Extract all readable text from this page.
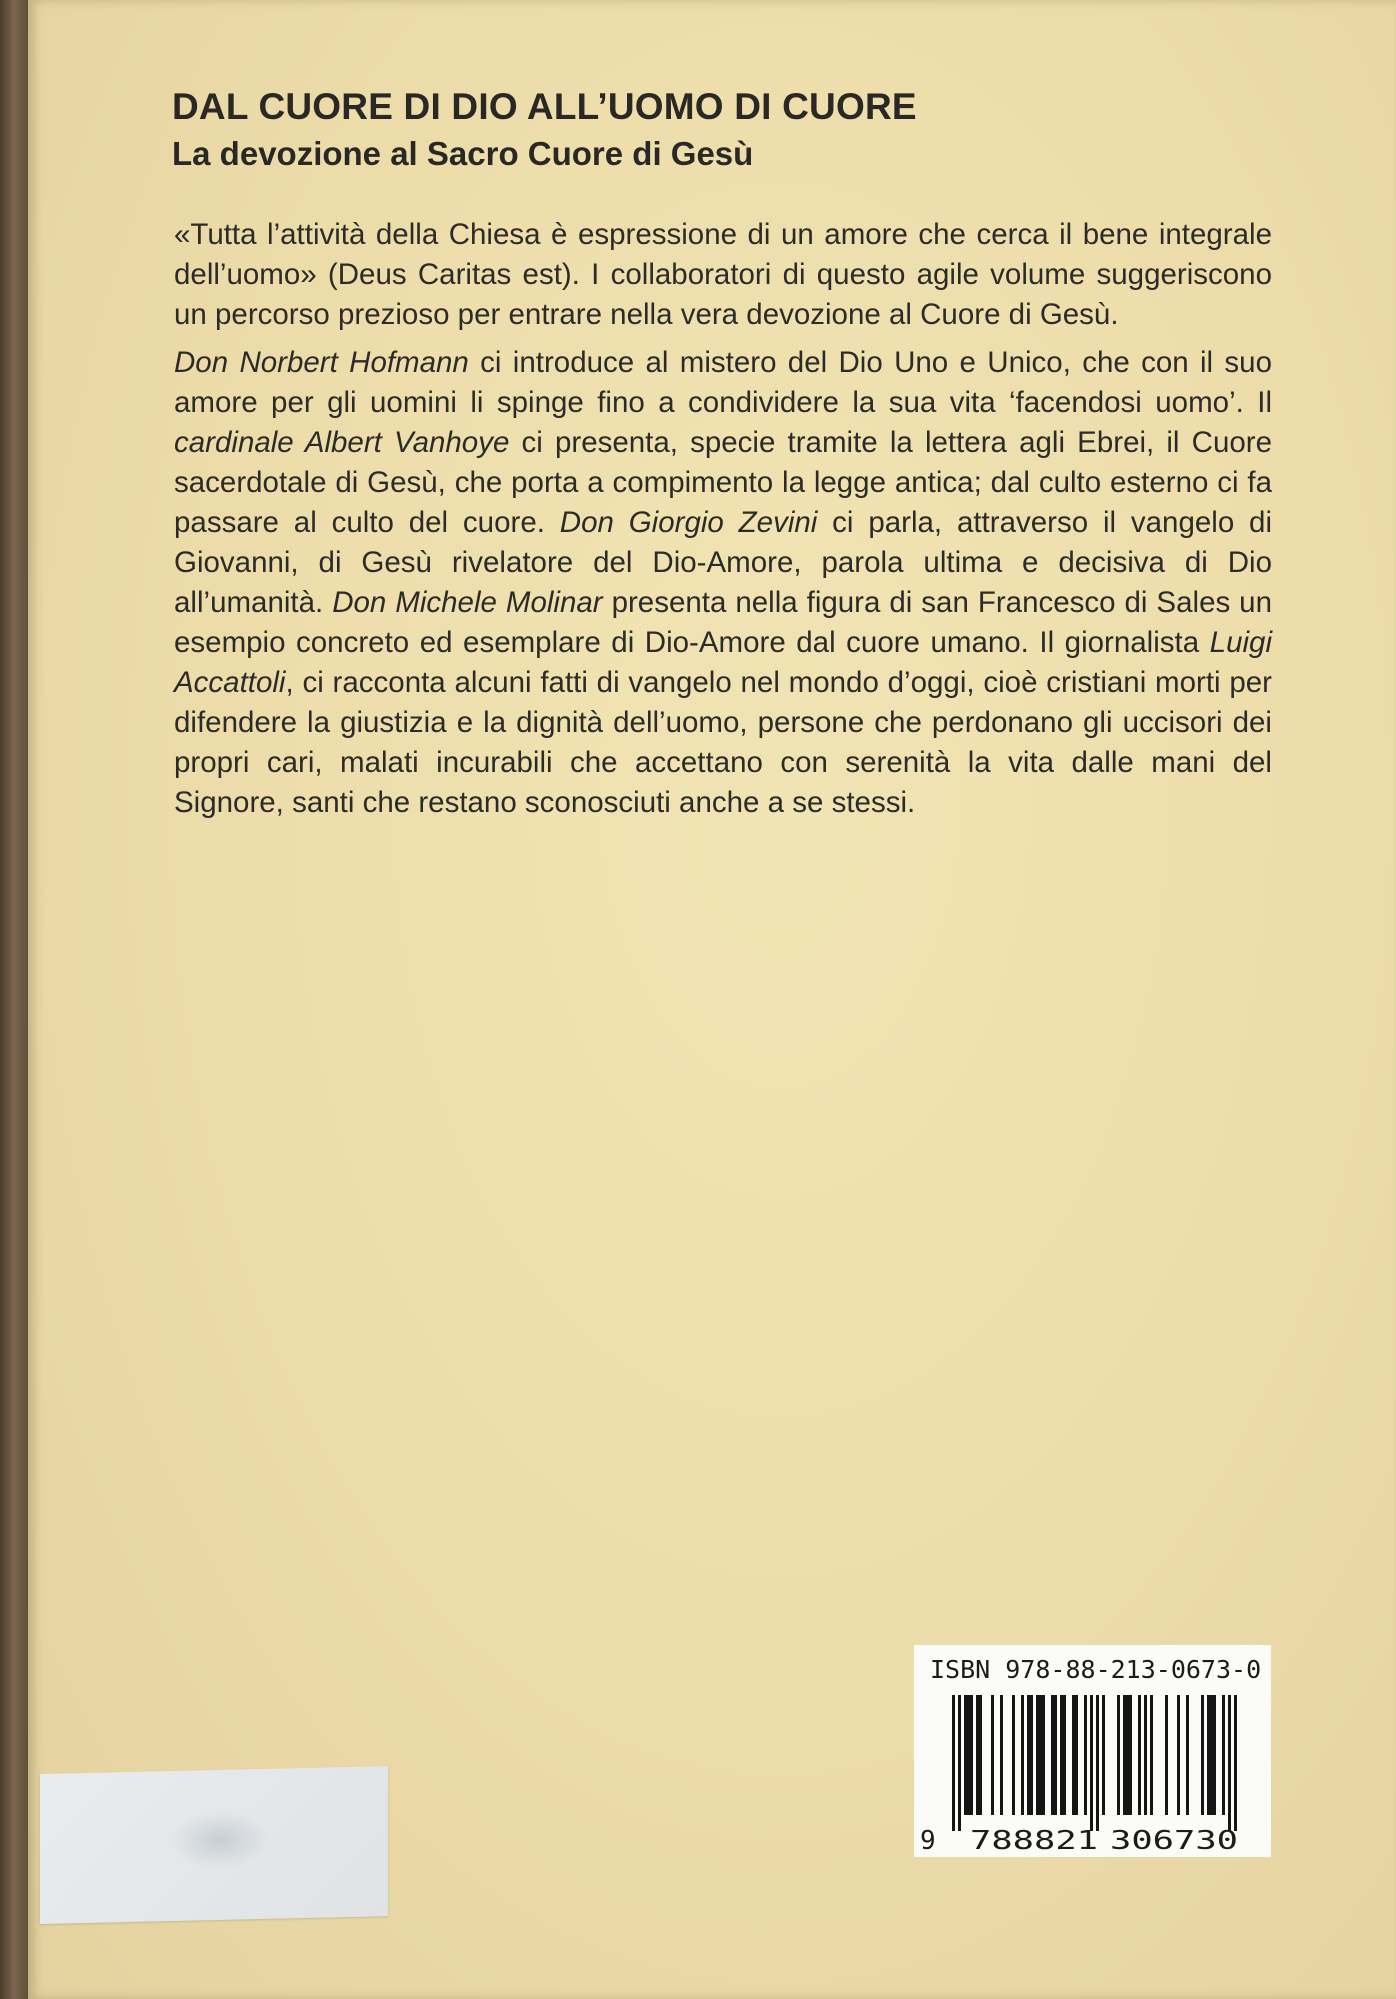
DAL CUORE DI DIO ALL’UOMO DI CUORE
La devozione al Sacro Cuore di Gesù

«Tutta l’attività della Chiesa è espressione di un amore che cerca il bene integrale dell’uomo» (Deus Caritas est). I collaboratori di questo agile volume suggeriscono un percorso prezioso per entrare nella vera devozione al Cuore di Gesù.

Don Norbert Hofmann ci introduce al mistero del Dio Uno e Unico, che con il suo amore per gli uomini li spinge fino a condividere la sua vita ‘facendosi uomo’. Il cardinale Albert Vanhoye ci presenta, specie tramite la lettera agli Ebrei, il Cuore sacerdotale di Gesù, che porta a compimento la legge antica; dal culto esterno ci fa passare al culto del cuore. Don Giorgio Zevini ci parla, attraverso il vangelo di Giovanni, di Gesù rivelatore del Dio-Amore, parola ultima e decisiva di Dio all’umanità. Don Michele Molinar presenta nella figura di san Francesco di Sales un esempio concreto ed esemplare di Dio-Amore dal cuore umano. Il giornalista Luigi Accattoli, ci racconta alcuni fatti di vangelo nel mondo d’oggi, cioè cristiani morti per difendere la giustizia e la dignità dell’uomo, persone che perdonano gli uccisori dei propri cari, malati incurabili che accettano con serenità la vita dalle mani del Signore, santi che restano sconosciuti anche a se stessi.

ISBN 978-88-213-0673-0
9 788821 306730
